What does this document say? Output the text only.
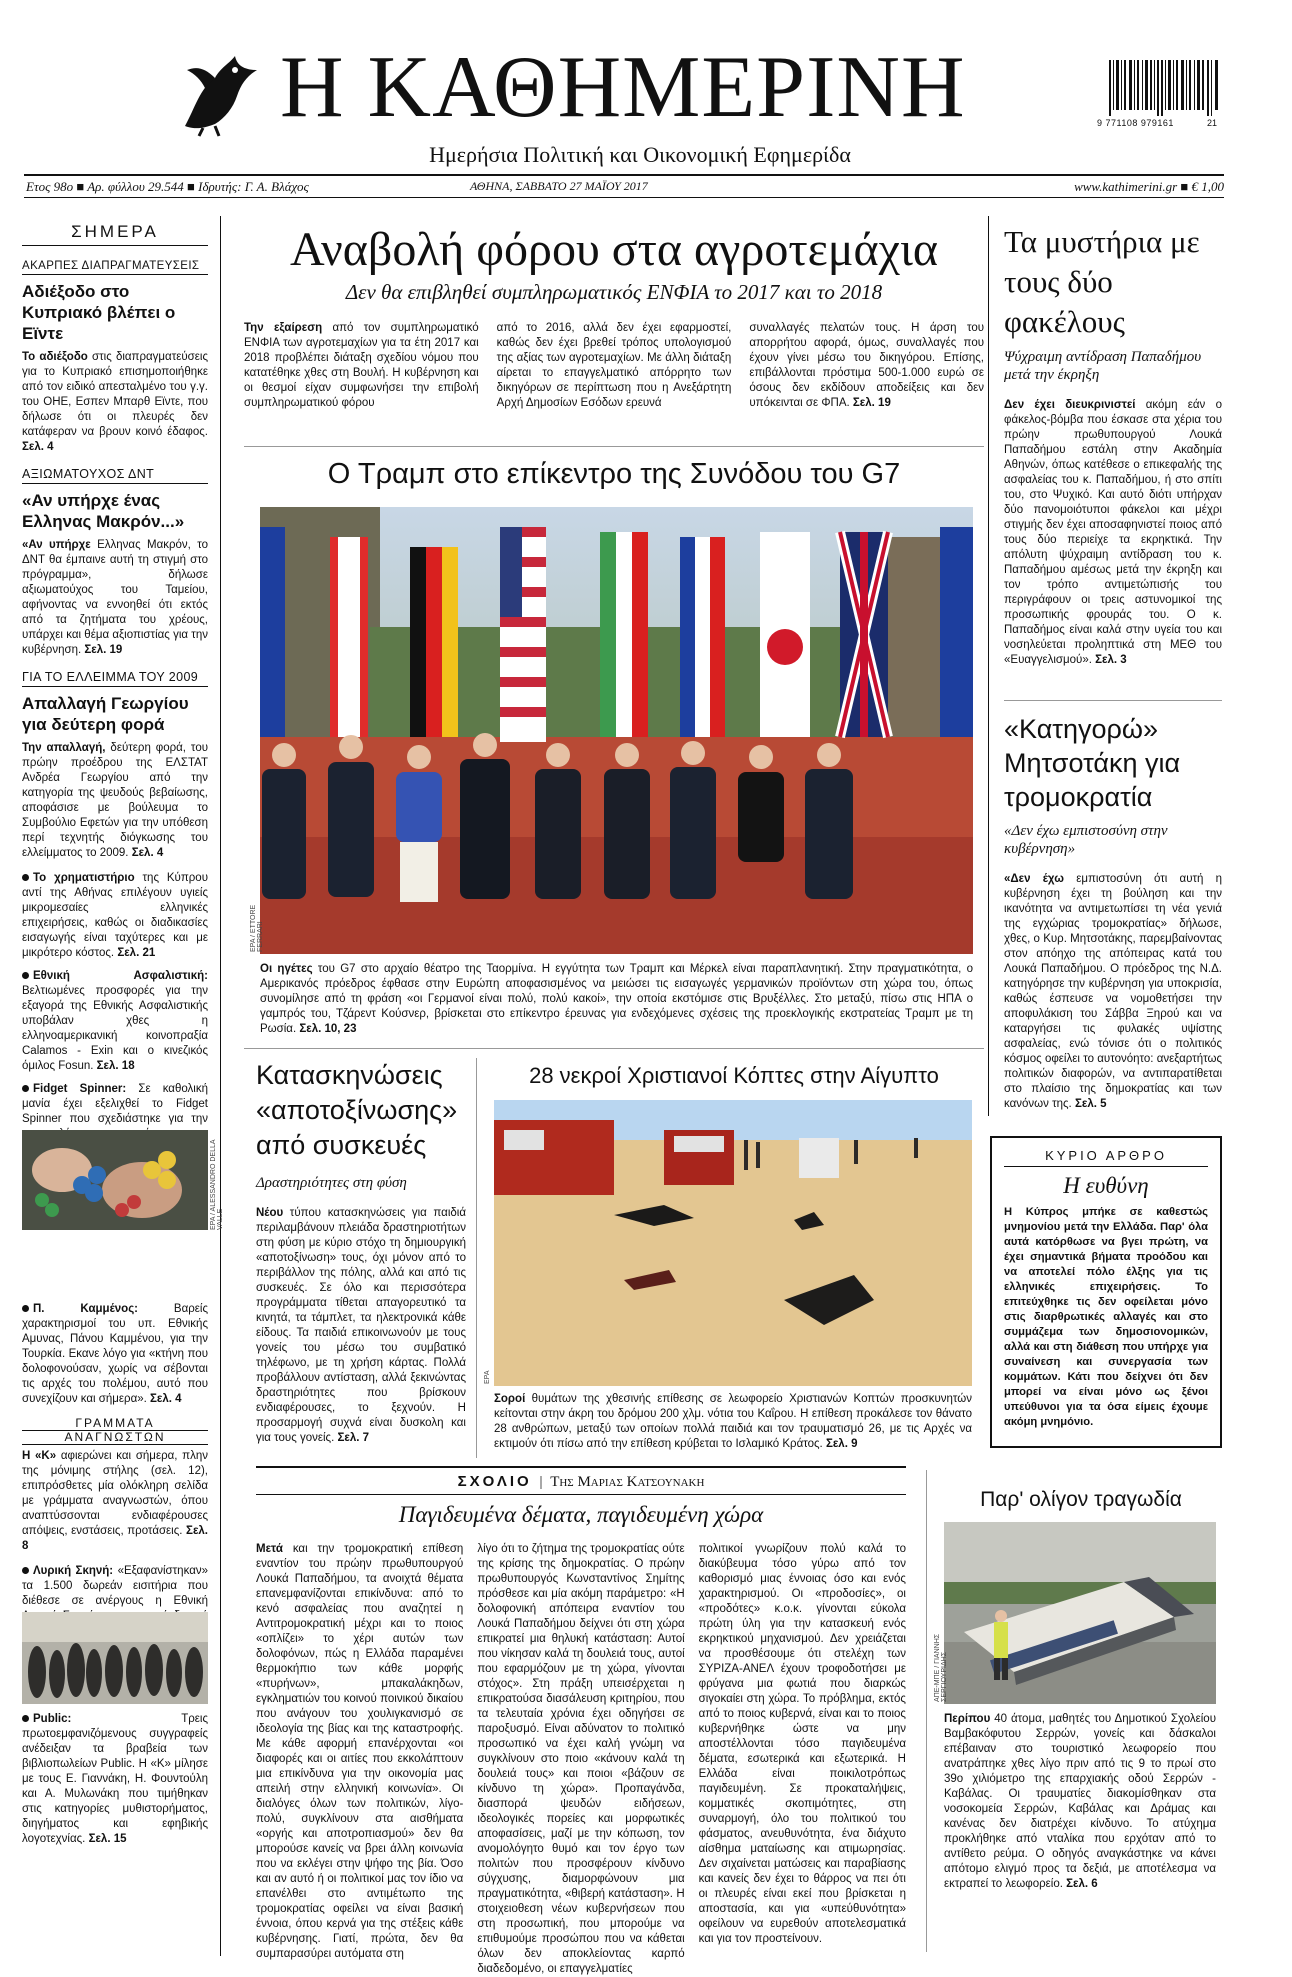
Η ΚΑΘΗΜΕΡΙΝΗ
Ημερήσια Πολιτική και Οικονομική Εφημερίδα
9 771108 979161	21
Ετος 98ο ■ Αρ. φύλλου 29.544 ■ Ιδρυτής: Γ. Α. Βλάχος	ΑΘΗΝΑ, ΣΑΒΒΑΤΟ 27 ΜΑΪΟΥ 2017	www.kathimerini.gr ■ € 1,00
ΣΗΜΕΡΑ
ΑΚΑΡΠΕΣ ΔΙΑΠΡΑΓΜΑΤΕΥΣΕΙΣ
Αδιέξοδο στο Κυπριακό βλέπει ο Εϊντε

Το αδιέξοδο στις διαπραγματεύσεις για το Κυπριακό επισημοποιήθηκε από τον ειδικό απεσταλμένο του γ.γ. του ΟΗΕ, Εσπεν Μπαρθ Εϊντε, που δήλωσε ότι οι πλευρές δεν κατάφεραν να βρουν κοινό έδαφος. Σελ. 4

ΑΞΙΩΜΑΤΟΥΧΟΣ ΔΝΤ
«Αν υπήρχε ένας Ελληνας Μακρόν...»

«Αν υπήρχε Ελληνας Μακρόν, το ΔΝΤ θα έμπαινε αυτή τη στιγμή στο πρόγραμμα», δήλωσε αξιωματούχος του Ταμείου, αφήνοντας να εννοηθεί ότι εκτός από τα ζητήματα του χρέους, υπάρχει και θέμα αξιοπιστίας για την κυβέρνηση. Σελ. 19

ΓΙΑ ΤΟ ΕΛΛΕΙΜΜΑ ΤΟΥ 2009
Απαλλαγή Γεωργίου για δεύτερη φορά

Την απαλλαγή, δεύτερη φορά, του πρώην προέδρου της ΕΛΣΤΑΤ Ανδρέα Γεωργίου από την κατηγορία της ψευδούς βεβαίωσης, αποφάσισε με βούλευμα το Συμβούλιο Εφετών για την υπόθεση περί τεχνητής διόγκωσης του ελλείμματος το 2009. Σελ. 4

Το χρηματιστήριο της Κύπρου αντί της Αθήνας επιλέγουν υγιείς μικρομεσαίες ελληνικές επιχειρήσεις, καθώς οι διαδικασίες εισαγωγής είναι ταχύτερες και με μικρότερο κόστος. Σελ. 21

Εθνική Ασφαλιστική: Βελτιωμένες προσφορές για την εξαγορά της Εθνικής Ασφαλιστικής υποβάλαν χθες η ελληνοαμερικανική κοινοπραξία Calamos - Exin και ο κινεζικός όμιλος Fosun. Σελ. 18

Fidget Spinner: Σε καθολική μανία έχει εξελιχθεί το Fidget Spinner που σχεδιάστηκε για την

EPA / ALESSANDRO DELLA VALLE

Π. Καμμένος: Βαρείς χαρακτηρισμοί του υπ. Εθνικής Αμυνας, Πάνου Καμμένου, για την Τουρκία. Εκανε λόγο για «κτήνη που δολοφονούσαν, χωρίς να σέβονται τις αρχές του πολέμου, αυτό που συνεχίζουν και σήμερα». Σελ. 4

ΓΡΑΜΜΑΤΑ
ΑΝΑΓΝΩΣΤΩΝ

Η «Κ» αφιερώνει και σήμερα, πλην της μόνιμης στήλης (σελ. 12), επιπρόσθετες μία ολόκληρη σελίδα με γράμματα αναγνωστών, όπου αναπτύσσονται ενδιαφέρουσες απόψεις, ενστάσεις, προτάσεις. Σελ. 8

Λυρική Σκηνή: «Εξαφανίστηκαν» τα 1.500 δωρεάν εισιτήρια που διέθεσε σε ανέργους η Εθνική

Public: Τρεις πρωτοεμφανιζόμενους συγγραφείς ανέδειξαν τα βραβεία των βιβλιοπωλείων Public. Η «Κ» μίλησε με τους Ε. Γιαννάκη, Η. Φουντούλη και Α. Μυλωνάκη που τιμήθηκαν στις κατηγορίες μυθιστορήματος, διηγήματος και εφηβικής λογοτεχνίας. Σελ. 15

Αναβολή φόρου στα αγροτεμάχια
Δεν θα επιβληθεί συμπληρωματικός ΕΝΦΙΑ το 2017 και το 2018

Την εξαίρεση από τον συμπληρωματικό ΕΝΦΙΑ των αγροτεμαχίων για τα έτη 2017 και 2018 προβλέπει διάταξη σχεδίου νόμου που κατατέθηκε χθες στη Βουλή. Η κυβέρνηση και οι θεσμοί είχαν συμφωνήσει την επιβολή συμπληρωματικού φόρου

από το 2016, αλλά δεν έχει εφαρμοστεί, καθώς δεν έχει βρεθεί τρόπος υπολογισμού της αξίας των αγροτεμαχίων. Με άλλη διάταξη αίρεται το επαγγελματικό απόρρητο των δικηγόρων σε περίπτωση που η Ανεξάρτητη Αρχή Δημοσίων Εσόδων ερευνά

συναλλαγές πελατών τους. Η άρση του απορρήτου αφορά, όμως, συναλλαγές που έχουν γίνει μέσω του δικηγόρου. Επίσης, επιβάλλονται πρόστιμα 500-1.000 ευρώ σε όσους δεν εκδίδουν αποδείξεις και δεν υπόκεινται σε ΦΠΑ. Σελ. 19

Ο Τραμπ στο επίκεντρο της Συνόδου του G7
EPA / ETTORE FERRARI

Οι ηγέτες του G7 στο αρχαίο θέατρο της Ταορμίνα. Η εγγύτητα των Τραμπ και Μέρκελ είναι παραπλανητική. Στην πραγματικότητα, ο Αμερικανός πρόεδρος έφθασε στην Ευρώπη αποφασισμένος να μειώσει τις εισαγωγές γερμανικών προϊόντων στη χώρα του, όπως συνομίλησε από τη φράση «οι Γερμανοί είναι πολύ, πολύ κακοί», την οποία εκστόμισε στις Βρυξέλλες. Στο μεταξύ, πίσω στις ΗΠΑ ο γαμπρός του, Τζάρεντ Κούσνερ, βρίσκεται στο επίκεντρο έρευνας για ενδεχόμενες σχέσεις της προεκλογικής εκστρατείας Τραμπ με τη Ρωσία. Σελ. 10, 23

Τα μυστήρια με τους δύο φακέλους
Ψύχραιμη αντίδραση Παπαδήμου μετά την έκρηξη

Δεν έχει διευκρινιστεί ακόμη εάν ο φάκελος-βόμβα που έσκασε στα χέρια του πρώην πρωθυπουργού Λουκά Παπαδήμου εστάλη στην Ακαδημία Αθηνών, όπως κατέθεσε ο επικεφαλής της ασφαλείας του κ. Παπαδήμου, ή στο σπίτι του, στο Ψυχικό. Και αυτό διότι υπήρχαν δύο πανομοιότυποι φάκελοι και μέχρι στιγμής δεν έχει αποσαφηνιστεί ποιος από τους δύο περιείχε τα εκρηκτικά. Την απόλυτη ψύχραιμη αντίδραση του κ. Παπαδήμου αμέσως μετά την έκρηξη και τον τρόπο αντιμετώπισής του περιγράφουν οι τρεις αστυνομικοί της προσωπικής φρουράς του. Ο κ. Παπαδήμος είναι καλά στην υγεία του και νοσηλεύεται προληπτικά στη ΜΕΘ του «Ευαγγελισμού». Σελ. 3

«Κατηγορώ» Μητσοτάκη για τρομοκρατία
«Δεν έχω εμπιστοσύνη στην κυβέρνηση»

«Δεν έχω εμπιστοσύνη ότι αυτή η κυβέρνηση έχει τη βούληση και την ικανότητα να αντιμετωπίσει τη νέα γενιά της εγχώριας τρομοκρατίας» δήλωσε, χθες, ο Κυρ. Μητσοτάκης, παρεμβαίνοντας στον απόηχο της απόπειρας κατά του Λουκά Παπαδήμου. Ο πρόεδρος της Ν.Δ. κατηγόρησε την κυβέρνηση για υποκρισία, καθώς έσπευσε να νομοθετήσει την αποφυλάκιση του Σάββα Ξηρού και να καταργήσει τις φυλακές υψίστης ασφαλείας, ενώ τόνισε ότι ο πολιτικός κόσμος οφείλει το αυτονόητο: ανεξαρτήτως πολιτικών διαφορών, να αντιπαρατίθεται στο πλαίσιο της δημοκρατίας και των κανόνων της. Σελ. 5

ΚΥΡΙΟ ΑΡΘΡΟ
Η ευθύνη

Η Κύπρος μπήκε σε καθεστώς μνημονίου μετά την Ελλάδα. Παρ' όλα αυτά κατόρθωσε να βγει πρώτη, να έχει σημαντικά βήματα προόδου και να αποτελεί πόλο έλξης για τις ελληνικές επιχειρήσεις. Το επιτεύχθηκε τις δεν οφείλεται μόνο στις διαρθρωτικές αλλαγές και στο συμμάζεμα των δημοσιονομικών, αλλά και στη διάθεση που υπήρχε για συναίνεση και συνεργασία των κομμάτων. Κάτι που δείχνει ότι δεν μπορεί να είναι μόνο ως ξένοι υπεύθυνοι για τα όσα είμεις έχουμε ακόμη μνημόνιο.

Κατασκηνώσεις «αποτοξίνωσης» από συσκευές
Δραστηριότητες στη φύση

Νέου τύπου κατασκηνώσεις για παιδιά περιλαμβάνουν πλειάδα δραστηριοτήτων στη φύση με κύριο στόχο τη δημιουργική «αποτοξίνωση» τους, όχι μόνον από το περιβάλλον της πόλης, αλλά και από τις συσκευές. Σε όλο και περισσότερα προγράμματα τίθεται απαγορευτικό τα κινητά, τα τάμπλετ, τα ηλεκτρονικά κάθε είδους. Τα παιδιά επικοινωνούν με τους γονείς του μέσω του συμβατικό τηλέφωνο, με τη χρήση κάρτας. Πολλά προβάλλουν αντίσταση, αλλά ξεκινώντας δραστηριότητες που βρίσκουν ενδιαφέρουσες, το ξεχνούν. Η προσαρμογή συχνά είναι δυσκολη και για τους γονείς. Σελ. 7

28 νεκροί Χριστιανοί Κόπτες στην Αίγυπτο
EPA

Σοροί θυμάτων της χθεσινής επίθεσης σε λεωφορείο Χριστιανών Κοπτών προσκυνητών κείτονται στην άκρη του δρόμου 200 χλμ. νότια του Καΐρου. Η επίθεση προκάλεσε τον θάνατο 28 ανθρώπων, μεταξύ των οποίων πολλά παιδιά και τον τραυματισμό 26, με τις Αρχές να εκτιμούν ότι πίσω από την επίθεση κρύβεται το Ισλαμικό Κράτος. Σελ. 9

ΣΧΟΛΙΟ | Της Μαριας Κατσουνακη
Παγιδευμένα δέματα, παγιδευμένη χώρα

Μετά και την τρομοκρατική επίθεση εναντίον του πρώην πρωθυπουργού Λουκά Παπαδήμου, τα ανοιχτά θέματα επανεμφανίζονται επικίνδυνα: από το κενό ασφαλείας που αναζητεί η Αντιτρομοκρατική μέχρι και το ποιος «οπλίζει» το χέρι αυτών των δολοφόνων, πώς η Ελλάδα παραμένει θερμοκήπιο των κάθε μορφής «πυρήνων», μπακαλάκηδων, εγκληματιών του κοινού ποινικού δικαίου που ανάγουν του χουλιγκανισμό σε ιδεολογία της βίας και της καταστροφής. Με κάθε αφορμή επανέρχονται «οι διαφορές και οι αιτίες που εκκολάπτουν μια επικίνδυνα για την οικονομία μας απειλή στην ελληνική κοινωνία». Οι διαλόγες όλων των πολιτικών, λίγο-πολύ, συγκλίνουν στα αισθήματα «οργής και αποτροπιασμού» δεν θα μπορούσε κανείς να βρει άλλη κοινωνία που να εκλέγει στην ψήφο της βία. Όσο και αν αυτό ή οι πολιτικοί μας τον ίδιο να επανέλθει στο αντιμέτωπο της τρομοκρατίας οφείλει να είναι βασική έννοια, όπου κερνά για της στέξεις κάθε κυβέρνησης. Γιατί, πρώτα, δεν θα συμπαρασύρει αυτόματα στη

λίγο ότι το ζήτημα της τρομοκρατίας ούτε της κρίσης της δημοκρατίας. Ο πρώην πρωθυπουργός Κωνσταντίνος Σημίτης πρόσθεσε και μία ακόμη παράμετρο: «Η δολοφονική απόπειρα εναντίον του Λουκά Παπαδήμου δείχνει ότι στη χώρα επικρατεί μια θηλυκή κατάσταση: Αυτοί που νίκησαν καλά τη δουλειά τους, αυτοί που εφαρμόζουν με τη χώρα, γίνονται στόχος». Στη πράξη υπεισέρχεται η επικρατούσα διασάλευση κριτηρίου, που τα τελευταία χρόνια έχει οδηγήσει σε παροξυσμό. Είναι αδύνατον το πολιτικό προσωπικό να έχει καλή γνώμη να συγκλίνουν στο ποιο «κάνουν καλά τη δουλειά τους» και ποιοι «βάζουν σε κίνδυνο τη χώρα». Προπαγάνδα, διασπορά ψευδών ειδήσεων, ιδεολογικές πορείες και μορφωτικές αποφασίσεις, μαζί με την κόπωση, τον ανομολόγητο θυμό και τον έργο των πολιτών που προσφέρουν κίνδυνο σύγχυσης, διαμορφώνουν μια πραγματικότητα, «θιβερή κατάσταση». Η στοιχειοθεση νέων κυβερνήσεων που στη προσωπική, που μπορούμε να επιθυμούμε προσώπου που να κάθεται όλων δεν αποκλείοντας καρπό διαδεδομένο, οι επαγγελματίες

πολιτικοί γνωρίζουν πολύ καλά το διακύβευμα τόσο γύρω από τον καθορισμό μιας έννοιας όσο και ενός χαρακτηρισμού. Οι «προδοσίες», οι «προδότες» κ.ο.κ. γίνονται εύκολα πρώτη ύλη για την κατασκευή ενός εκρηκτικού μηχανισμού. Δεν χρειάζεται να προσθέσουμε ότι στελέχη των ΣΥΡΙΖΑ-ΑΝΕΛ έχουν τροφοδοτήσει με φρύγανα μια φωτιά που διαρκώς σιγοκαίει στη χώρα. Το πρόβλημα, εκτός από το ποιος κυβερνά, είναι και το ποιος κυβερνήθηκε ώστε να μην αποστέλλονται τόσο παγιδευμένα δέματα, εσωτερικά και εξωτερικά. Η Ελλάδα είναι ποικιλοτρόπως παγιδευμένη. Σε προκαταλήψεις, κομματικές σκοπιμότητες, στη συναρμογή, όλο του πολιτικού του φάσματος, ανευθυνότητα, ένα διάχυτο αίσθημα ματαίωσης και ατιμωρησίας. Δεν σιχαίνεται ματώσεις και παραβίασης και κανείς δεν έχει το θάρρος να πει ότι οι πλευρές είναι εκεί που βρίσκεται η αποστασία, και για «υπεύθυνότητα» οφείλουν να ευρεθούν αποτελεσματικά και για τον προστείνουν.

Παρ' ολίγον τραγωδία
ΑΠΕ-ΜΠΕ / ΓΙΑΝΝΗΣ ΣΕΡΓΙΟΥΡΙΔΗΣ

Περίπου 40 άτομα, μαθητές του Δημοτικού Σχολείου Βαμβακόφυτου Σερρών, γονείς και δάσκαλοι επέβαιναν στο τουριστικό λεωφορείο που ανατράπηκε χθες λίγο πριν από τις 9 το πρωί στο 39ο χιλιόμετρο της επαρχιακής οδού Σερρών - Καβάλας. Οι τραυματίες διακομίσθηκαν στα νοσοκομεία Σερρών, Καβάλας και Δράμας και κανένας δεν διατρέχει κίνδυνο. Το ατύχημα προκλήθηκε από νταλίκα που ερχόταν από το αντίθετο ρεύμα. Ο οδηγός αναγκάστηκε να κάνει απότομο ελιγμό προς τα δεξιά, με αποτέλεσμα να εκτραπεί το λεωφορείο. Σελ. 6
